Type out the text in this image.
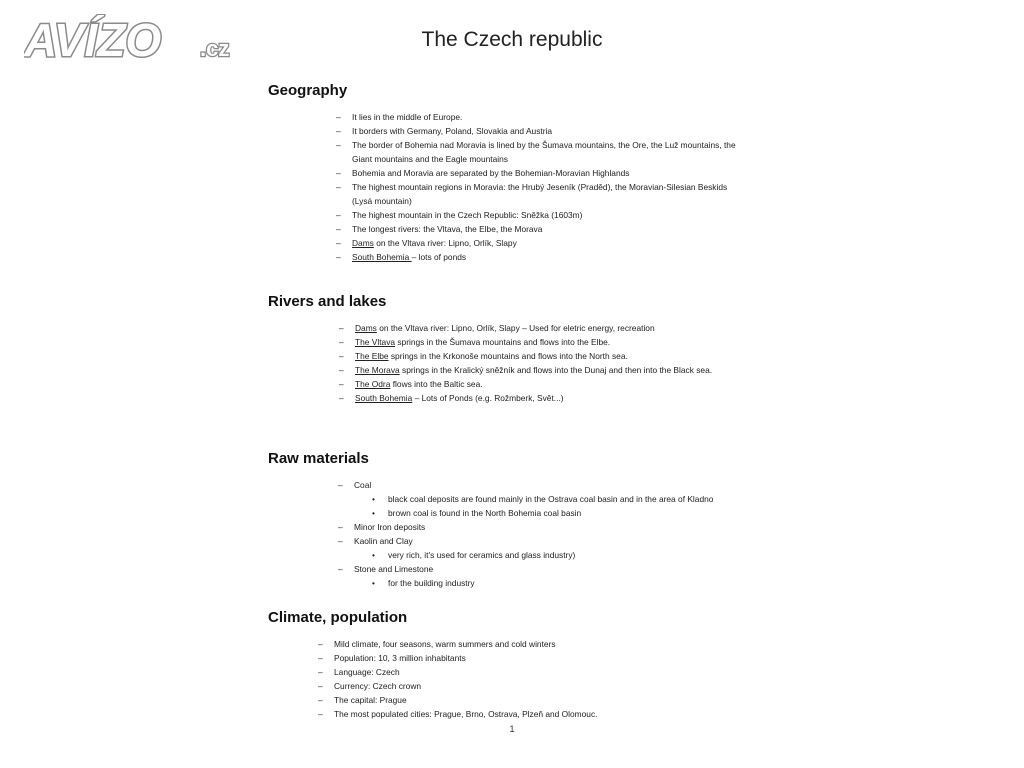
AVÍZO .cz	The Czech republic
Geography
– It lies in the middle of Europe.
– It borders with Germany, Poland, Slovakia and Austria
– The border of Bohemia nad Moravia is lined by the Šumava mountains, the Ore, the Luž mountains, the Giant mountains and the Eagle mountains
– Bohemia and Moravia are separated by the Bohemian-Moravian Highlands
– The highest mountain regions in Moravia: the Hrubý Jeseník (Praděd), the Moravian-Silesian Beskids (Lysá mountain)
– The highest mountain in the Czech Republic: Sněžka (1603m)
– The longest rivers: the Vltava, the Elbe, the Morava
– Dams on the Vltava river: Lipno, Orlík, Slapy
– South Bohemia – lots of ponds
Rivers and lakes
– Dams on the Vltava river: Lipno, Orlík, Slapy – Used for eletric energy, recreation
– The Vltava springs in the Šumava mountains and flows into the Elbe.
– The Elbe springs in the Krkonoše mountains and flows into the North sea.
– The Morava springs in the Kralický sněžník and flows into the Dunaj and then into the Black sea.
– The Odra flows into the Baltic sea.
– South Bohemia – Lots of Ponds (e.g. Rožmberk, Svět...)
Raw materials
– Coal
• black coal deposits are found mainly in the Ostrava coal basin and in the area of Kladno
• brown coal is found in the North Bohemia coal basin
– Minor Iron deposits
– Kaolin and Clay
• very rich, it's used for ceramics and glass industry)
– Stone and Limestone
• for the building industry
Climate, population
– Mild climate, four seasons, warm summers and cold winters
– Population: 10, 3 million inhabitants
– Language: Czech
– Currency: Czech crown
– The capital: Prague
– The most populated cities: Prague, Brno, Ostrava, Plzeň and Olomouc.
1
